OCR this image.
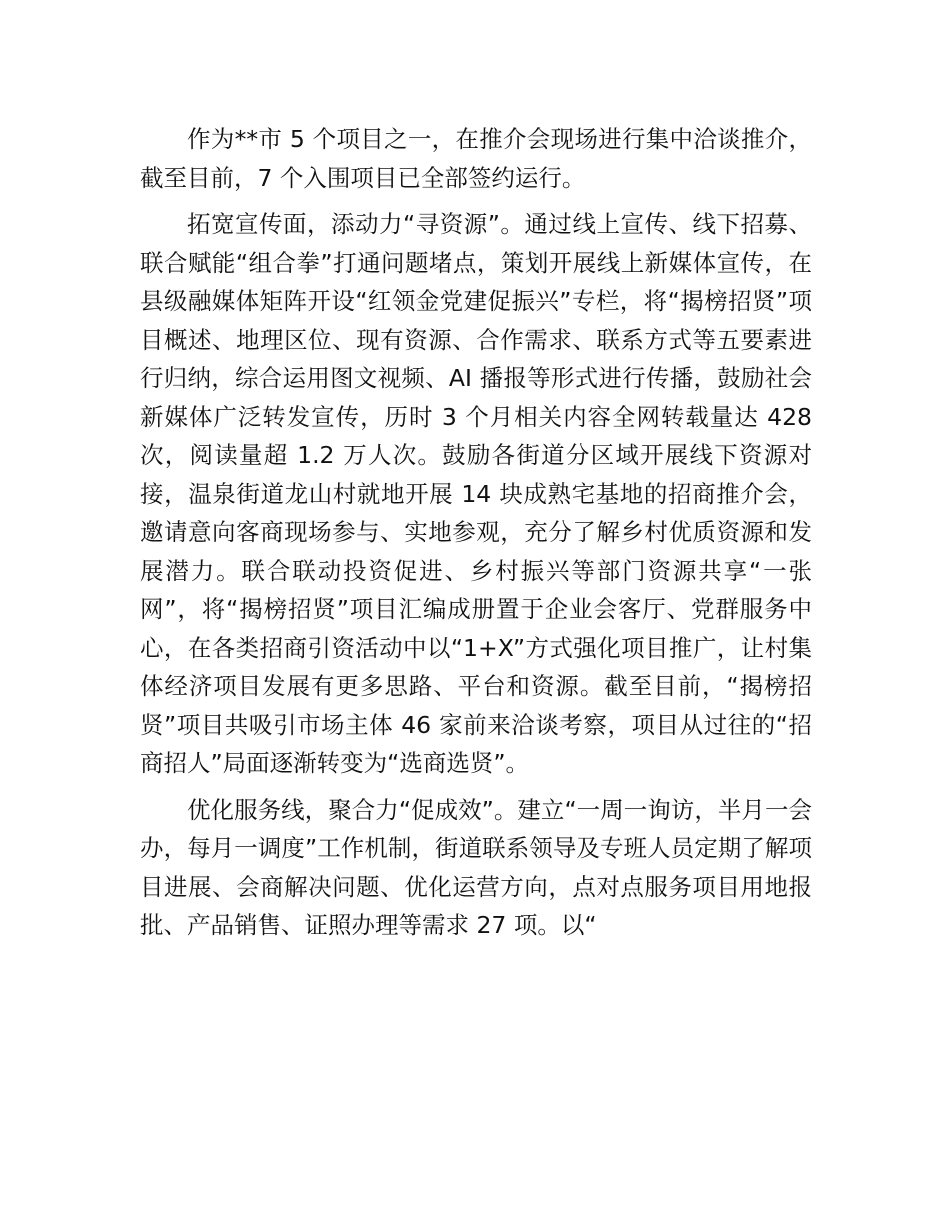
作为**市 5 个项目之一，在推介会现场进行集中洽谈推介，截至目前，7 个入围项目已全部签约运行。

拓宽宣传面，添动力“寻资源”。通过线上宣传、线下招募、联合赋能“组合拳”打通问题堵点，策划开展线上新媒体宣传，在县级融媒体矩阵开设“红领金党建促振兴”专栏，将“揭榜招贤”项目概述、地理区位、现有资源、合作需求、联系方式等五要素进行归纳，综合运用图文视频、AI 播报等形式进行传播，鼓励社会新媒体广泛转发宣传，历时 3 个月相关内容全网转载量达 428 次，阅读量超 1.2 万人次。鼓励各街道分区域开展线下资源对接，温泉街道龙山村就地开展 14 块成熟宅基地的招商推介会，邀请意向客商现场参与、实地参观，充分了解乡村优质资源和发展潜力。联合联动投资促进、乡村振兴等部门资源共享“一张网”，将“揭榜招贤”项目汇编成册置于企业会客厅、党群服务中心，在各类招商引资活动中以“1+X”方式强化项目推广，让村集体经济项目发展有更多思路、平台和资源。截至目前，“揭榜招贤”项目共吸引市场主体 46 家前来洽谈考察，项目从过往的“招商招人”局面逐渐转变为“选商选贤”。

优化服务线，聚合力“促成效”。建立“一周一询访，半月一会办，每月一调度”工作机制，街道联系领导及专班人员定期了解项目进展、会商解决问题、优化运营方向，点对点服务项目用地报批、产品销售、证照办理等需求 27 项。以“
